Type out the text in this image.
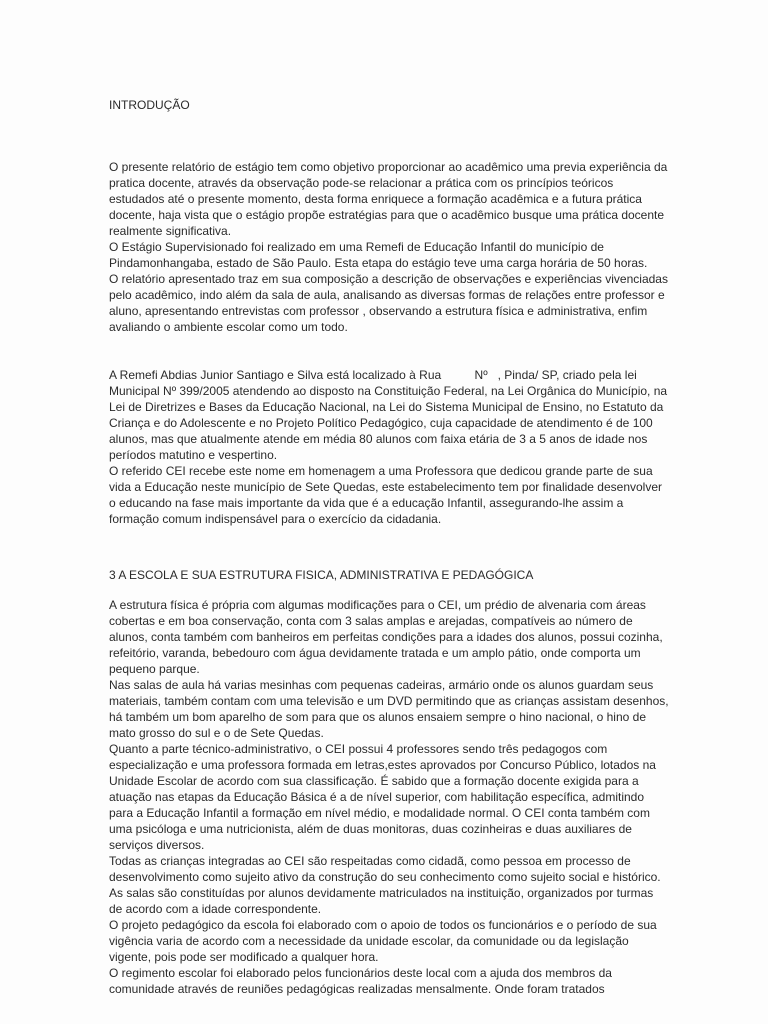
INTRODUÇÃO

O presente relatório de estágio tem como objetivo proporcionar ao acadêmico uma previa experiência da pratica docente, através da observação pode-se relacionar a prática com os princípios teóricos estudados até o presente momento, desta forma enriquece a formação acadêmica e a futura prática docente, haja vista que o estágio propõe estratégias para que o acadêmico busque uma prática docente realmente significativa.

O Estágio Supervisionado foi realizado em uma Remefi de Educação Infantil do município de Pindamonhangaba, estado de São Paulo. Esta etapa do estágio teve uma carga horária de 50 horas.

O relatório apresentado traz em sua composição a descrição de observações e experiências vivenciadas pelo acadêmico, indo além da sala de aula, analisando as diversas formas de relações entre professor e aluno, apresentando entrevistas com professor , observando a estrutura física e administrativa, enfim avaliando o ambiente escolar como um todo.

A Remefi Abdias Junior Santiago e Silva está localizado à Rua          Nº   , Pinda/ SP, criado pela lei Municipal Nº 399/2005 atendendo ao disposto na Constituição Federal, na Lei Orgânica do Município, na Lei de Diretrizes e Bases da Educação Nacional, na Lei do Sistema Municipal de Ensino, no Estatuto da Criança e do Adolescente e no Projeto Político Pedagógico, cuja capacidade de atendimento é de 100 alunos, mas que atualmente atende em média 80 alunos com faixa etária de 3 a 5 anos de idade nos períodos matutino e vespertino.

O referido CEI recebe este nome em homenagem a uma Professora que dedicou grande parte de sua vida a Educação neste município de Sete Quedas, este estabelecimento tem por finalidade desenvolver o educando na fase mais importante da vida que é a educação Infantil, assegurando-lhe assim a formação comum indispensável para o exercício da cidadania.

3 A ESCOLA E SUA ESTRUTURA FISICA, ADMINISTRATIVA E PEDAGÓGICA

A estrutura física é própria com algumas modificações para o CEI, um prédio de alvenaria com áreas cobertas e em boa conservação, conta com 3 salas amplas e arejadas, compatíveis ao número de alunos, conta também com banheiros em perfeitas condições para a idades dos alunos, possui cozinha, refeitório, varanda, bebedouro com água devidamente tratada e um amplo pátio, onde comporta um pequeno parque.

Nas salas de aula há varias mesinhas com pequenas cadeiras, armário onde os alunos guardam seus materiais, também contam com uma televisão e um DVD permitindo que as crianças assistam desenhos, há também um bom aparelho de som para que os alunos ensaiem sempre o hino nacional, o hino de mato grosso do sul e o de Sete Quedas.

Quanto a parte técnico-administrativo, o CEI possui 4 professores sendo três pedagogos com especialização e uma professora formada em letras,estes aprovados por Concurso Público, lotados na Unidade Escolar de acordo com sua classificação. É sabido que a formação docente exigida para a atuação nas etapas da Educação Básica é a de nível superior, com habilitação específica, admitindo para a Educação Infantil a formação em nível médio, e modalidade normal. O CEI conta também com uma psicóloga e uma nutricionista, além de duas monitoras, duas cozinheiras e duas auxiliares de serviços diversos.

Todas as crianças integradas ao CEI são respeitadas como cidadã, como pessoa em processo de desenvolvimento como sujeito ativo da construção do seu conhecimento como sujeito social e histórico.

As salas são constituídas por alunos devidamente matriculados na instituição, organizados por turmas de acordo com a idade correspondente.

O projeto pedagógico da escola foi elaborado com o apoio de todos os funcionários e o período de sua vigência varia de acordo com a necessidade da unidade escolar, da comunidade ou da legislação vigente, pois pode ser modificado a qualquer hora.

O regimento escolar foi elaborado pelos funcionários deste local com a ajuda dos membros da comunidade através de reuniões pedagógicas realizadas mensalmente. Onde foram tratados
